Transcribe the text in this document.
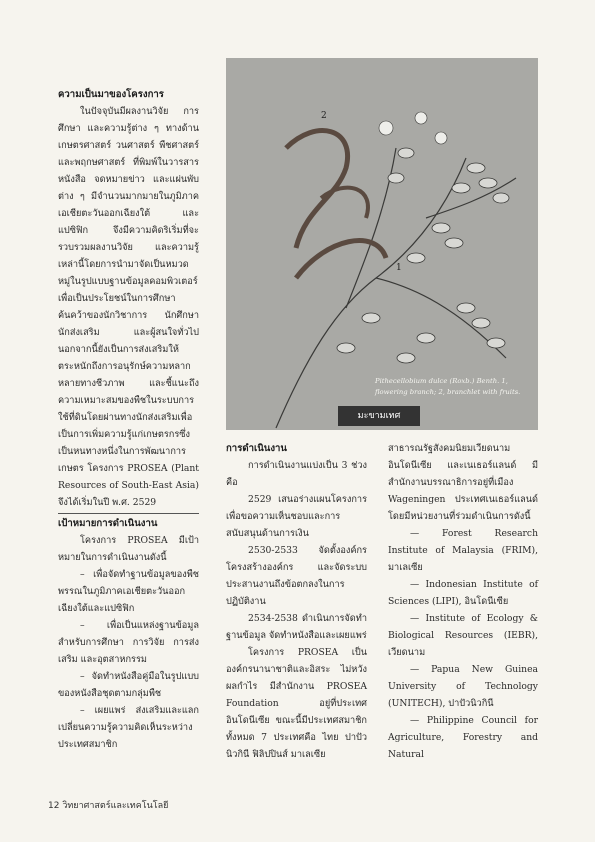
ความเป็นมาของโครงการ

ในปัจจุบันมีผลงานวิจัย การศึกษา และความรู้ต่าง ๆ ทางด้านเกษตรศาสตร์ วนศาสตร์ พืชศาสตร์ และพฤกษศาสตร์ ที่พิมพ์ในวารสาร หนังสือ จดหมายข่าว และแผ่นพับต่าง ๆ มีจำนวนมากมายในภูมิภาคเอเชียตะวันออกเฉียงใต้ และแปซิฟิก จึงมีความคิดริเริ่มที่จะรวบรวมผลงานวิจัย และความรู้เหล่านี้โดยการนำมาจัดเป็นหมวดหมู่ในรูปแบบฐานข้อมูลคอมพิวเตอร์ เพื่อเป็นประโยชน์ในการศึกษาค้นคว้าของนักวิชาการ นักศึกษา นักส่งเสริม และผู้สนใจทั่วไป นอกจากนี้ยังเป็นการส่งเสริมให้ตระหนักถึงการอนุรักษ์ความหลากหลายทางชีวภาพ และชี้แนะถึงความเหมาะสมของพืชในระบบการใช้ที่ดินโดยผ่านทางนักส่งเสริมเพื่อเป็นการเพิ่มความรู้แก่เกษตรกรซึ่งเป็นหนทางหนึ่งในการพัฒนาการเกษตร โครงการ PROSEA (Plant Resources of South-East Asia) จึงได้เริ่มในปี พ.ศ. 2529

เป้าหมายการดำเนินงาน

โครงการ PROSEA มีเป้าหมายในการดำเนินงานดังนี้

– เพื่อจัดทำฐานข้อมูลของพืชพรรณในภูมิภาคเอเชียตะวันออกเฉียงใต้และแปซิฟิก

– เพื่อเป็นแหล่งฐานข้อมูลสำหรับการศึกษา การวิจัย การส่งเสริม และอุตสาหกรรม

– จัดทำหนังสือคู่มือในรูปแบบของหนังสือชุดตามกลุ่มพืช

– เผยแพร่ ส่งเสริมและแลกเปลี่ยนความรู้ความคิดเห็นระหว่างประเทศสมาชิก

2
1
Pithecellobium dulce (Roxb.) Benth. 1, flowering branch; 2, branchlet with fruits.
มะขามเทศ

การดำเนินงาน

การดำเนินงานแบ่งเป็น 3 ช่วงคือ

2529 เสนอร่างแผนโครงการเพื่อขอความเห็นชอบและการสนับสนุนด้านการเงิน

2530-2533 จัดตั้งองค์กรโครงสร้างองค์กร และจัดระบบประสานงานถึงข้อตกลงในการปฏิบัติงาน

2534-2538 ดำเนินการจัดทำฐานข้อมูล จัดทำหนังสือและเผยแพร่

โครงการ PROSEA เป็นองค์กรนานาชาติและอิสระ ไม่หวังผลกำไร มีสำนักงาน PROSEA Foundation อยู่ที่ประเทศอินโดนีเซีย ขณะนี้มีประเทศสมาชิกทั้งหมด 7 ประเทศคือ ไทย ปาปัวนิวกินี ฟิลิปปินส์ มาเลเซีย

สาธารณรัฐสังคมนิยมเวียดนาม อินโดนีเซีย และเนเธอร์แลนด์ มีสำนักงานบรรณาธิการอยู่ที่เมือง Wageningen ประเทศเนเธอร์แลนด์ โดยมีหน่วยงานที่ร่วมดำเนินการดังนี้

— Forest Research Institute of Malaysia (FRIM), มาเลเซีย

— Indonesian Institute of Sciences (LIPI), อินโดนีเซีย

— Institute of Ecology & Biological Resources (IEBR), เวียดนาม

— Papua New Guinea University of Technology (UNITECH), ปาปัวนิวกินี

— Philippine Council for Agriculture, Forestry and Natural

12 วิทยาศาสตร์และเทคโนโลยี
